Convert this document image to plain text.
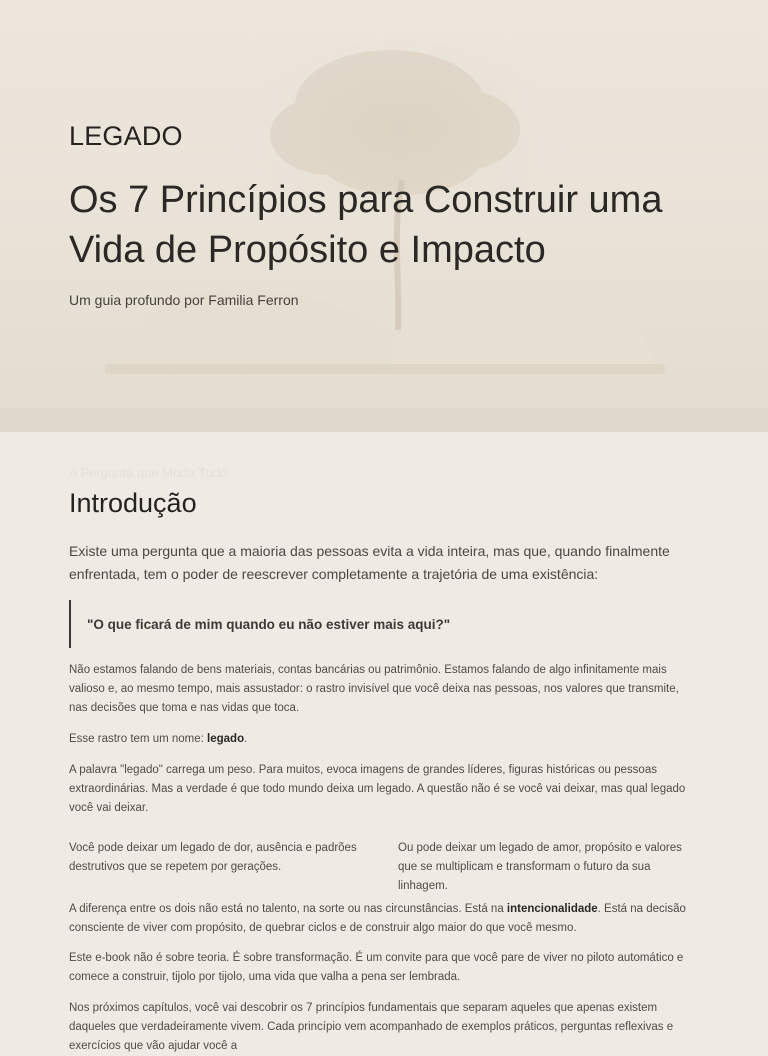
LEGADO
Os 7 Princípios para Construir uma Vida de Propósito e Impacto
Um guia profundo por Familia Ferron
A Pergunta que Muda Tudo
Introdução

Existe uma pergunta que a maioria das pessoas evita a vida inteira, mas que, quando finalmente enfrentada, tem o poder de reescrever completamente a trajetória de uma existência:

"O que ficará de mim quando eu não estiver mais aqui?"

Não estamos falando de bens materiais, contas bancárias ou patrimônio. Estamos falando de algo infinitamente mais valioso e, ao mesmo tempo, mais assustador: o rastro invisível que você deixa nas pessoas, nos valores que transmite, nas decisões que toma e nas vidas que toca.

Esse rastro tem um nome: legado.

A palavra "legado" carrega um peso. Para muitos, evoca imagens de grandes líderes, figuras históricas ou pessoas extraordinárias. Mas a verdade é que todo mundo deixa um legado. A questão não é se você vai deixar, mas qual legado você vai deixar.

Você pode deixar um legado de dor, ausência e padrões destrutivos que se repetem por gerações.

Ou pode deixar um legado de amor, propósito e valores que se multiplicam e transformam o futuro da sua linhagem.

A diferença entre os dois não está no talento, na sorte ou nas circunstâncias. Está na intencionalidade. Está na decisão consciente de viver com propósito, de quebrar ciclos e de construir algo maior do que você mesmo.

Este e-book não é sobre teoria. É sobre transformação. É um convite para que você pare de viver no piloto automático e comece a construir, tijolo por tijolo, uma vida que valha a pena ser lembrada.

Nos próximos capítulos, você vai descobrir os 7 princípios fundamentais que separam aqueles que apenas existem daqueles que verdadeiramente vivem. Cada princípio vem acompanhado de exemplos práticos, perguntas reflexivas e exercícios que vão ajudar você a
